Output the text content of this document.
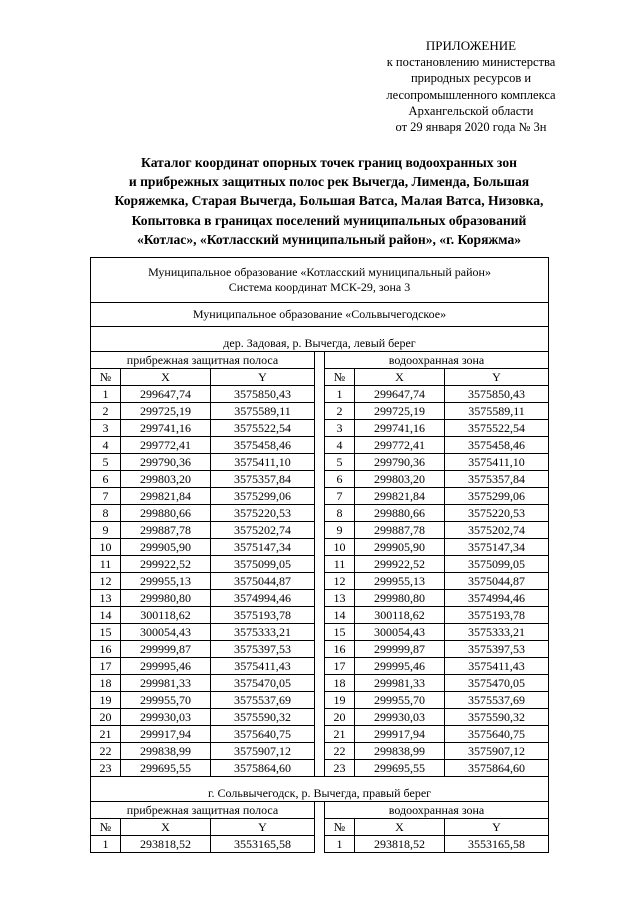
ПРИЛОЖЕНИЕ
к постановлению министерства
природных ресурсов и
лесопромышленного комплекса
Архангельской области
от 29 января 2020 года № 3н
Каталог координат опорных точек границ водоохранных зон
и прибрежных защитных полос рек Вычегда, Лименда, Большая
Коряжемка, Старая Вычегда, Большая Ватса, Малая Ватса, Низовка,
Копытовка в границах поселений муниципальных образований
«Котлас», «Котласский муниципальный район», «г. Коряжма»
Муниципальное образование «Котласский муниципальный район»
Система координат МСК-29, зона 3						

Муниципальное образование «Сольвычегодское»						
дер. Задовая, р. Вычегда, левый берег						
прибрежная защитная полоса				водоохранная зона		
№	X	Y		№	X	Y
1	299647,74	3575850,43		1	299647,74	3575850,43
2	299725,19	3575589,11		2	299725,19	3575589,11
3	299741,16	3575522,54		3	299741,16	3575522,54
4	299772,41	3575458,46		4	299772,41	3575458,46
5	299790,36	3575411,10		5	299790,36	3575411,10
6	299803,20	3575357,84		6	299803,20	3575357,84
7	299821,84	3575299,06		7	299821,84	3575299,06
8	299880,66	3575220,53		8	299880,66	3575220,53
9	299887,78	3575202,74		9	299887,78	3575202,74
10	299905,90	3575147,34		10	299905,90	3575147,34
11	299922,52	3575099,05		11	299922,52	3575099,05
12	299955,13	3575044,87		12	299955,13	3575044,87
13	299980,80	3574994,46		13	299980,80	3574994,46
14	300118,62	3575193,78		14	300118,62	3575193,78
15	300054,43	3575333,21		15	300054,43	3575333,21
16	299999,87	3575397,53		16	299999,87	3575397,53
17	299995,46	3575411,43		17	299995,46	3575411,43
18	299981,33	3575470,05		18	299981,33	3575470,05
19	299955,70	3575537,69		19	299955,70	3575537,69
20	299930,03	3575590,32		20	299930,03	3575590,32
21	299917,94	3575640,75		21	299917,94	3575640,75
22	299838,99	3575907,12		22	299838,99	3575907,12
23	299695,55	3575864,60		23	299695,55	3575864,60
г. Сольвычегодск, р. Вычегда, правый берег						
прибрежная защитная полоса				водоохранная зона		
№	X	Y		№	X	Y
1	293818,52	3553165,58		1	293818,52	3553165,58
